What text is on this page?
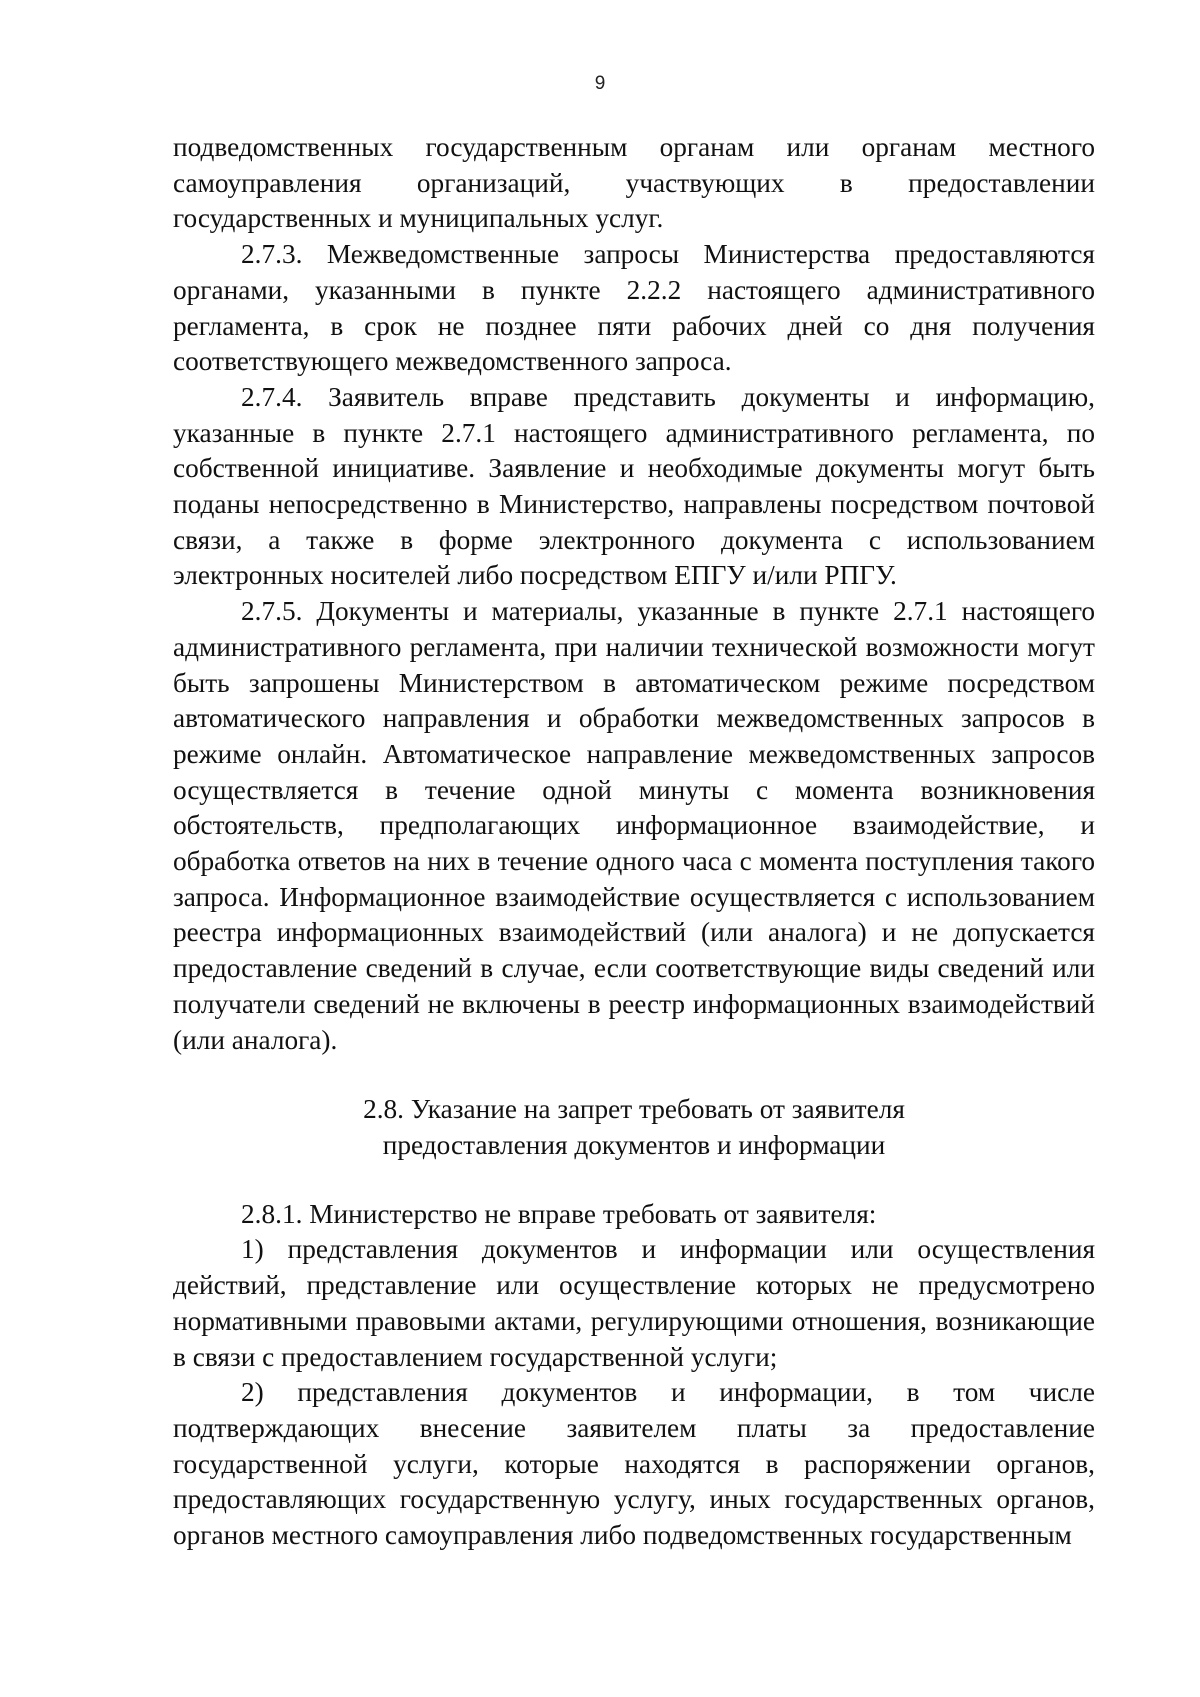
9

подведомственных государственным органам или органам местного самоуправления организаций, участвующих в предоставлении государственных и муниципальных услуг.

2.7.3. Межведомственные запросы Министерства предоставляются органами, указанными в пункте 2.2.2 настоящего административного регламента, в срок не позднее пяти рабочих дней со дня получения соответствующего межведомственного запроса.

2.7.4. Заявитель вправе представить документы и информацию, указанные в пункте 2.7.1 настоящего административного регламента, по собственной инициативе. Заявление и необходимые документы могут быть поданы непосредственно в Министерство, направлены посредством почтовой связи, а также в форме электронного документа с использованием электронных носителей либо посредством ЕПГУ и/или РПГУ.

2.7.5. Документы и материалы, указанные в пункте 2.7.1 настоящего административного регламента, при наличии технической возможности могут быть запрошены Министерством в автоматическом режиме посредством автоматического направления и обработки межведомственных запросов в режиме онлайн. Автоматическое направление межведомственных запросов осуществляется в течение одной минуты с момента возникновения обстоятельств, предполагающих информационное взаимодействие, и обработка ответов на них в течение одного часа с момента поступления такого запроса. Информационное взаимодействие осуществляется с использованием реестра информационных взаимодействий (или аналога) и не допускается предоставление сведений в случае, если соответствующие виды сведений или получатели сведений не включены в реестр информационных взаимодействий (или аналога).

2.8. Указание на запрет требовать от заявителя
предоставления документов и информации

2.8.1. Министерство не вправе требовать от заявителя:

1) представления документов и информации или осуществления действий, представление или осуществление которых не предусмотрено нормативными правовыми актами, регулирующими отношения, возникающие в связи с предоставлением государственной услуги;

2) представления документов и информации, в том числе подтверждающих внесение заявителем платы за предоставление государственной услуги, которые находятся в распоряжении органов, предоставляющих государственную услугу, иных государственных органов, органов местного самоуправления либо подведомственных государственным
